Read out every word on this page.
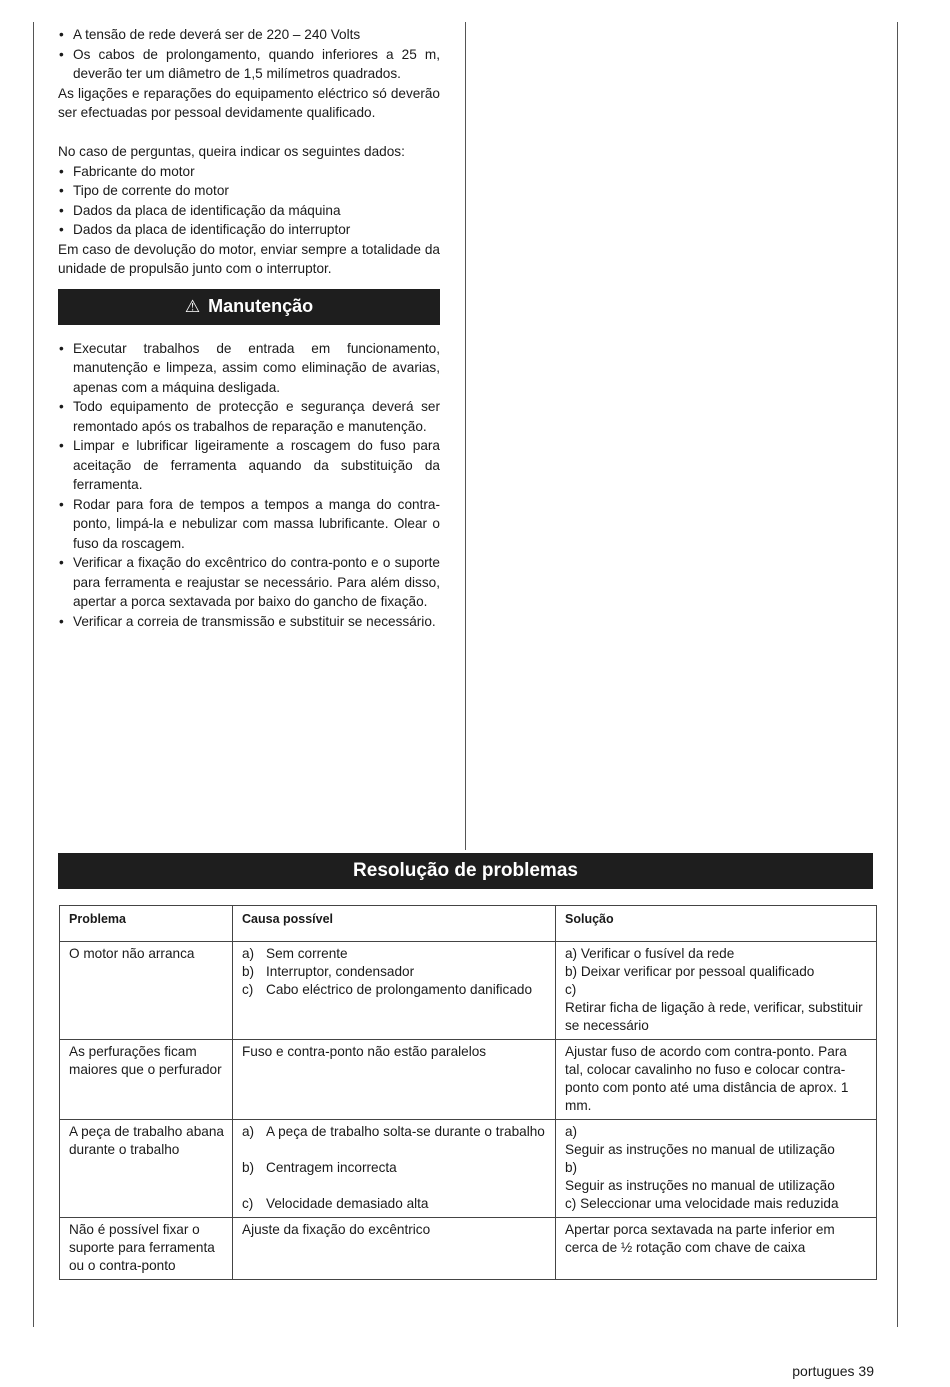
• A tensão de rede deverá ser de 220 – 240 Volts
• Os cabos de prolongamento, quando inferiores a 25 m, deverão ter um diâmetro de 1,5 milímetros quadrados.

As ligações e reparações do equipamento eléctrico só deverão ser efectuadas por pessoal devidamente qualificado.

No caso de perguntas, queira indicar os seguintes dados:

• Fabricante do motor
• Tipo de corrente do motor
• Dados da placa de identificação da máquina
• Dados da placa de identificação do interruptor

Em caso de devolução do motor, enviar sempre a totalidade da unidade de propulsão junto com o interruptor.

⚠ Manutenção
• Executar trabalhos de entrada em funcionamento, manutenção e limpeza, assim como eliminação de avarias, apenas com a máquina desligada.
• Todo equipamento de protecção e segurança deverá ser remontado após os trabalhos de reparação e manutenção.
• Limpar e lubrificar ligeiramente a roscagem do fuso para aceitação de ferramenta aquando da substituição da ferramenta.
• Rodar para fora de tempos a tempos a manga do contra-ponto, limpá-la e nebulizar com massa lubrificante. Olear o fuso da roscagem.
• Verificar a fixação do excêntrico do contra-ponto e o suporte para ferramenta e reajustar se necessário. Para além disso, apertar a porca sextavada por baixo do gancho de fixação.
• Verificar a correia de transmissão e substituir se necessário.
Resolução de problemas
Problema	Causa possível	Solução
O motor não arranca	a) Sem corrente
b) Interruptor, condensador
c) Cabo eléctrico de prolongamento danificado	a) Verificar o fusível da rede
b) Deixar verificar por pessoal qualificado
c)
Retirar ficha de ligação à rede, verificar, substituir se necessário

As perfurações ficam maiores que o perfurador	Fuso e contra-ponto não estão paralelos	Ajustar fuso de acordo com contra-ponto. Para tal, colocar cavalinho no fuso e colocar contra-ponto com ponto até uma distância de aprox. 1 mm.
A peça de trabalho abana durante o trabalho	a) A peça de trabalho solta-se durante o trabalho
b) Centragem incorrecta
c) Velocidade demasiado alta	a)
Seguir as instruções no manual de utilização
b)
Seguir as instruções no manual de utilização
c) Seleccionar uma velocidade mais reduzida

Não é possível fixar o suporte para ferramenta ou o contra-ponto	Ajuste da fixação do excêntrico	Apertar porca sextavada na parte inferior em cerca de ½ rotação com chave de caixa
portugues 39
